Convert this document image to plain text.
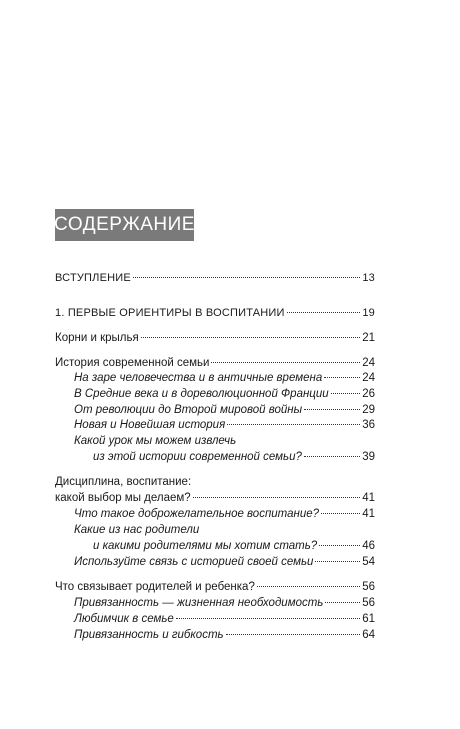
СОДЕРЖАНИЕ
ВСТУПЛЕНИЕ	13
1. ПЕРВЫЕ ОРИЕНТИРЫ В ВОСПИТАНИИ	19
Корни и крылья	21
История современной семьи	24
На заре человечества и в античные времена	24
В Средние века и в дореволюционной Франции	26
От революции до Второй мировой войны	29
Новая и Новейшая история	36
Какой урок мы можем извлечь
из этой истории современной семьи?	39
Дисциплина, воспитание:
какой выбор мы делаем?	41
Что такое доброжелательное воспитание?	41
Какие из нас родители
и какими родителями мы хотим стать?	46
Используйте связь с историей своей семьи	54
Что связывает родителей и ребенка?	56
Привязанность — жизненная необходимость	56
Любимчик в семье	61
Привязанность и гибкость	64
